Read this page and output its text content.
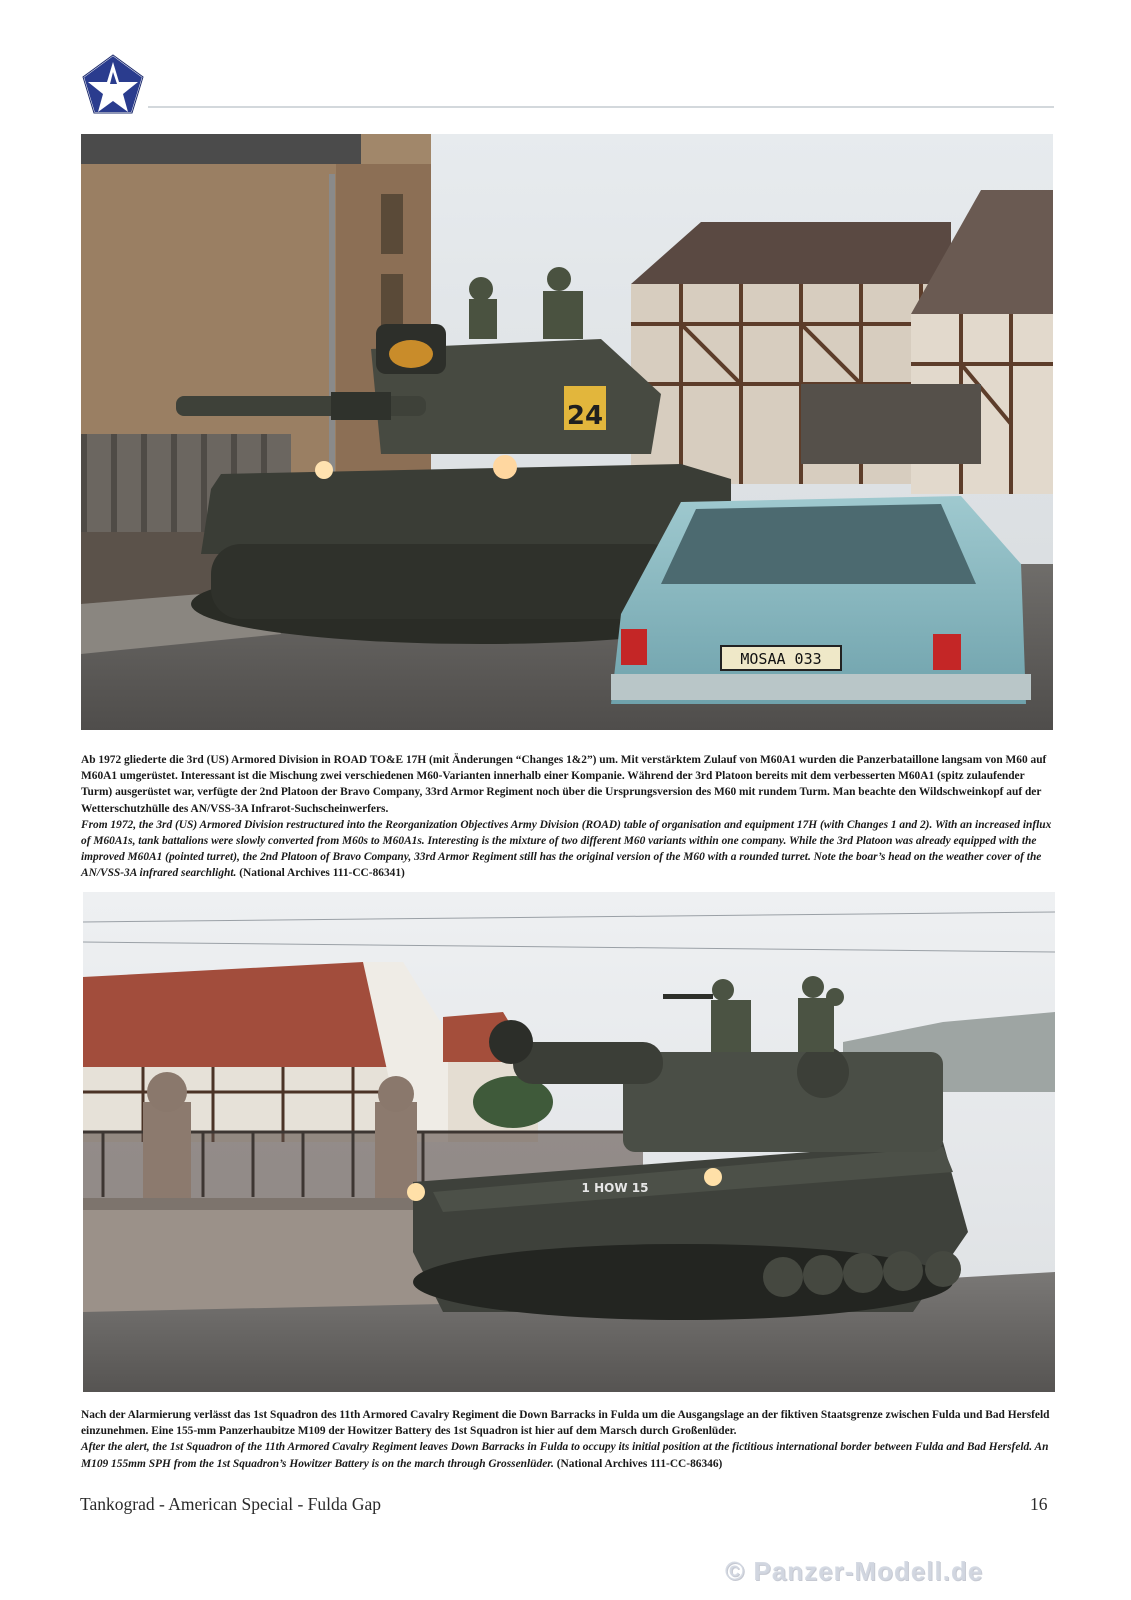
MOSAA 033
24

Ab 1972 gliederte die 3rd (US) Armored Division in ROAD TO&E 17H (mit Änderungen “Changes 1&2”) um. Mit verstärktem Zulauf von M60A1 wurden die Panzerbataillone langsam von M60 auf M60A1 umgerüstet. Interessant ist die Mischung zwei verschiedenen M60-Varianten innerhalb einer Kompanie. Während der 3rd Platoon bereits mit dem verbesserten M60A1 (spitz zulaufender Turm) ausgerüstet war, verfügte der 2nd Platoon der Bravo Company, 33rd Armor Regiment noch über die Ursprungsversion des M60 mit rundem Turm. Man beachte den Wildschweinkopf auf der Wetterschutzhülle des AN/VSS-3A Infrarot-Suchscheinwerfers.

From 1972, the 3rd (US) Armored Division restructured into the Reorganization Objectives Army Division (ROAD) table of organisation and equipment 17H (with Changes 1 and 2). With an increased influx of M60A1s, tank battalions were slowly converted from M60s to M60A1s. Interesting is the mixture of two different M60 variants within one company. While the 3rd Platoon was already equipped with the improved M60A1 (pointed turret), the 2nd Platoon of Bravo Company, 33rd Armor Regiment still has the original version of the M60 with a rounded turret. Note the boar’s head on the weather cover of the AN/VSS-3A infrared searchlight. (National Archives 111-CC-86341)

1 HOW 15

Nach der Alarmierung verlässt das 1st Squadron des 11th Armored Cavalry Regiment die Down Barracks in Fulda um die Ausgangslage an der fiktiven Staatsgrenze zwischen Fulda und Bad Hersfeld einzunehmen. Eine 155-mm Panzerhaubitze M109 der Howitzer Battery des 1st Squadron ist hier auf dem Marsch durch Großenlüder.

After the alert, the 1st Squadron of the 11th Armored Cavalry Regiment leaves Down Barracks in Fulda to occupy its initial position at the fictitious international border between Fulda and Bad Hersfeld. An M109 155mm SPH from the 1st Squadron’s Howitzer Battery is on the march through Grossenlüder. (National Archives 111-CC-86346)

Tankograd - American Special - Fulda Gap	16
© Panzer-Modell.de
